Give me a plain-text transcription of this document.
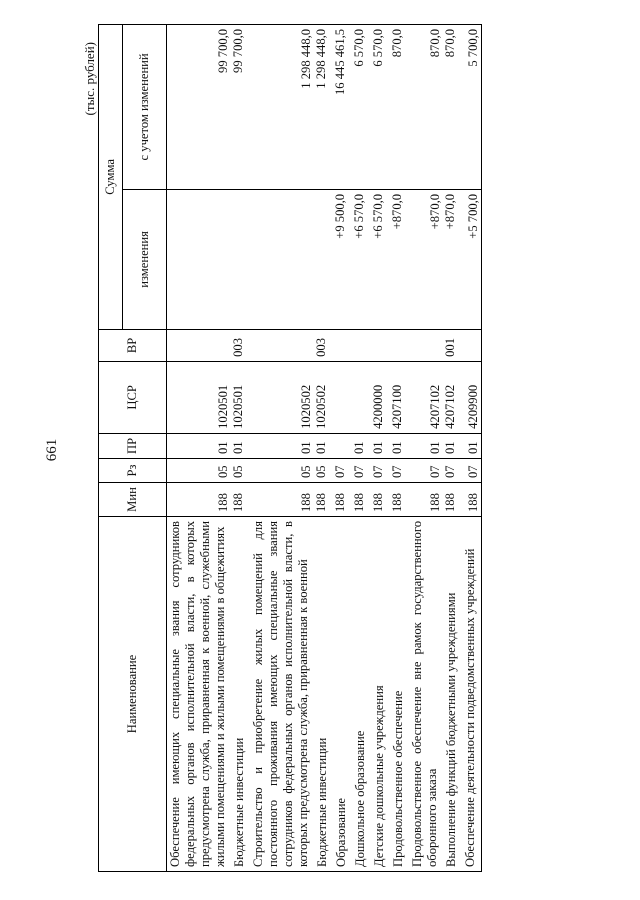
661
(тыс. рублей)
Наименование	Мин	Рз	ПР	ЦСР	ВР	Сумма	
						изменения	с учетом изменений
Обеспечение имеющих специальные звания сотрудников федеральных органов исполнительной власти, в которых предусмотрена служба, приравненная к военной, служебными жилыми помещениями и жилыми помещениями в общежитиях	188	05	01	1020501			99 700,0
Бюджетные инвестиции	188	05	01	1020501	003		99 700,0
Строительство и приобретение жилых помещений для постоянного проживания имеющих специальные звания сотрудников федеральных органов исполнительной власти, в которых предусмотрена служба, приравненная к военной	188	05	01	1020502			1 298 448,0
Бюджетные инвестиции	188	05	01	1020502	003		1 298 448,0
Образование	188	07				+9 500,0	16 445 461,5
Дошкольное образование	188	07	01			+6 570,0	6 570,0
Детские дошкольные учреждения	188	07	01	4200000		+6 570,0	6 570,0
Продовольственное обеспечение	188	07	01	4207100		+870,0	870,0
Продовольственное обеспечение вне рамок государственного оборонного заказа	188	07	01	4207102		+870,0	870,0
Выполнение функций бюджетными учреждениями	188	07	01	4207102	001	+870,0	870,0
Обеспечение деятельности подведомственных учреждений	188	07	01	4209900		+5 700,0	5 700,0
